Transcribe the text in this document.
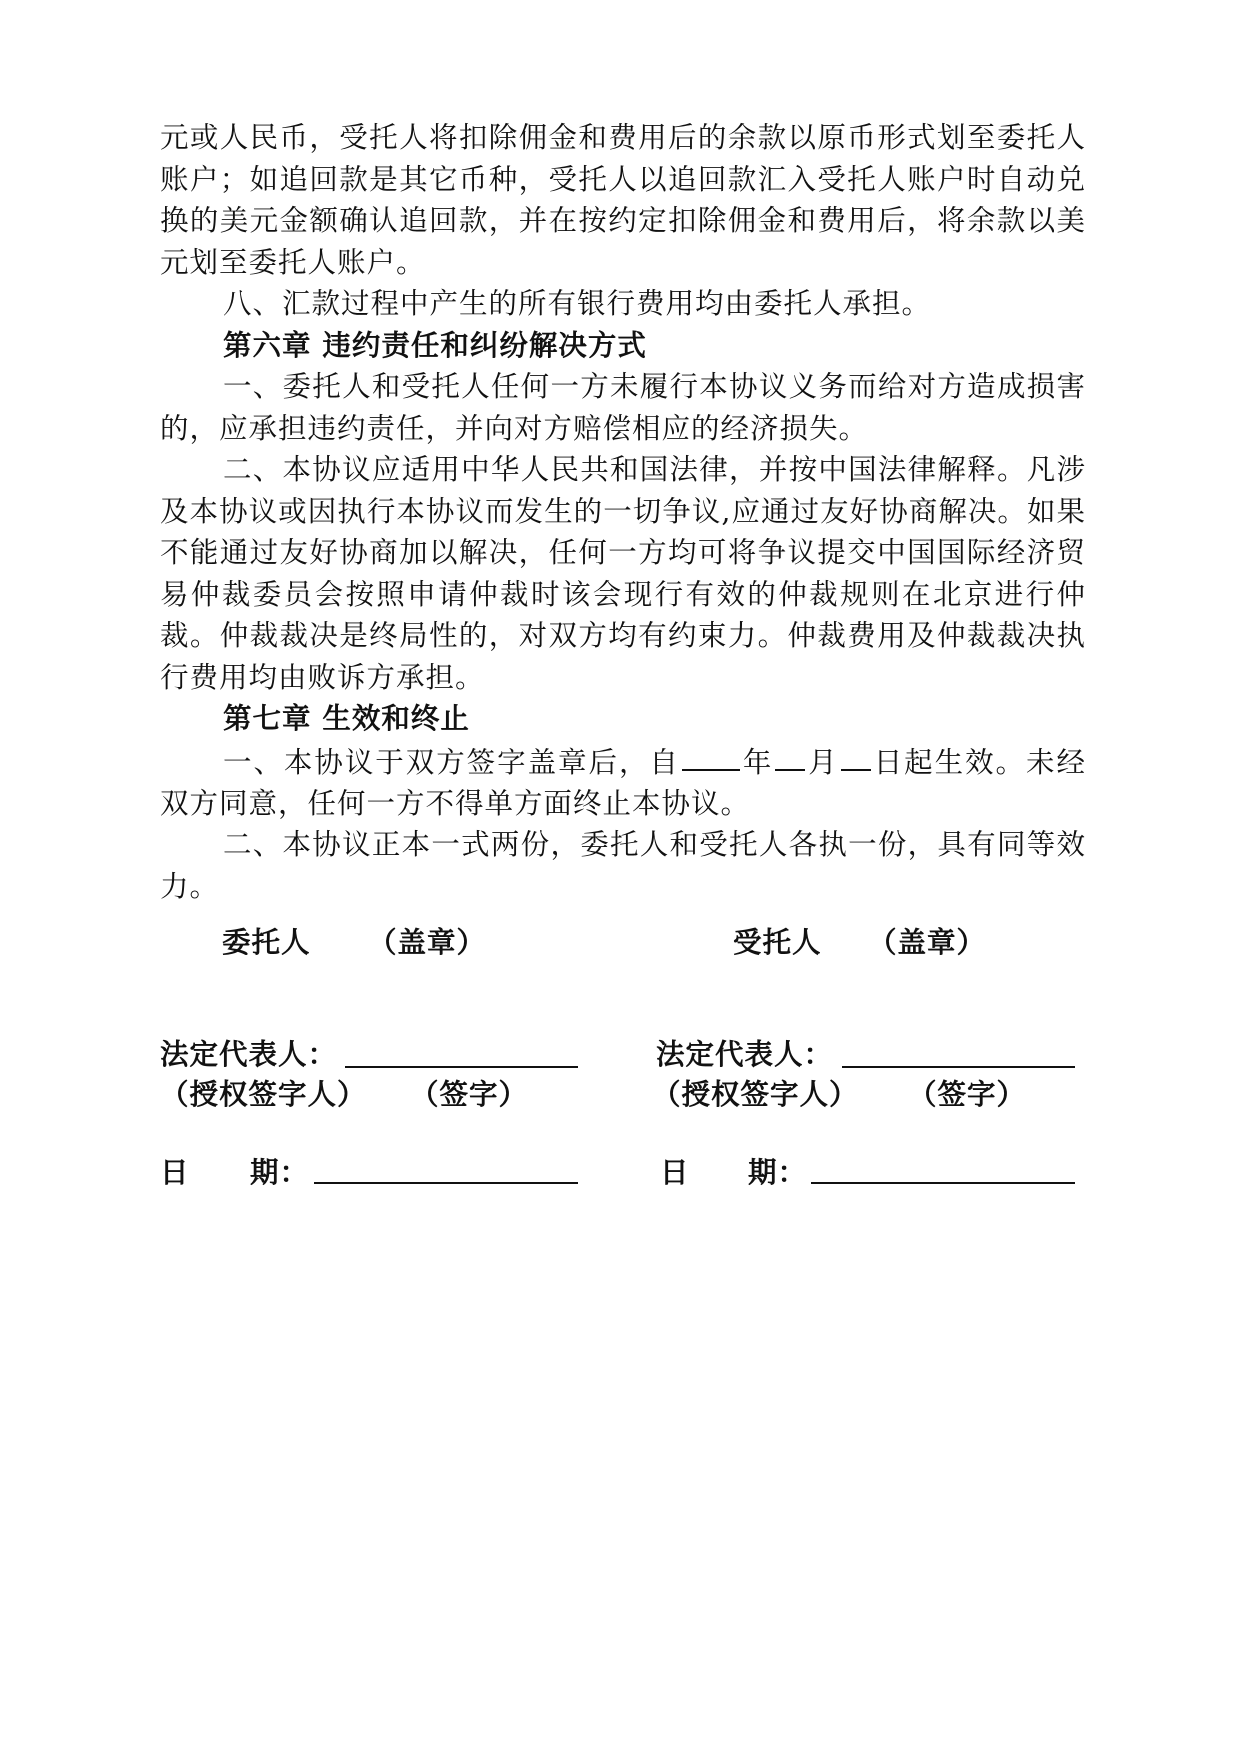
元或人民币，受托人将扣除佣金和费用后的余款以原币形式划至委托人账户；如追回款是其它币种，受托人以追回款汇入受托人账户时自动兑换的美元金额确认追回款，并在按约定扣除佣金和费用后，将余款以美元划至委托人账户。

八、汇款过程中产生的所有银行费用均由委托人承担。

第六章 违约责任和纠纷解决方式

一、委托人和受托人任何一方未履行本协议义务而给对方造成损害的，应承担违约责任，并向对方赔偿相应的经济损失。

二、本协议应适用中华人民共和国法律，并按中国法律解释。凡涉及本协议或因执行本协议而发生的一切争议,应通过友好协商解决。如果不能通过友好协商加以解决，任何一方均可将争议提交中国国际经济贸易仲裁委员会按照申请仲裁时该会现行有效的仲裁规则在北京进行仲裁。仲裁裁决是终局性的，对双方均有约束力。仲裁费用及仲裁裁决执行费用均由败诉方承担。

第七章 生效和终止

一、本协议于双方签字盖章后，自 年 月 日起生效。未经双方同意，任何一方不得单方面终止本协议。

二、本协议正本一式两份，委托人和受托人各执一份，具有同等效力。

委托人 （盖章）	受托人 （盖章）
法定代表人：	法定代表人：
（授权签字人） （签字）	（授权签字人） （签字）
日 期：	日 期：
